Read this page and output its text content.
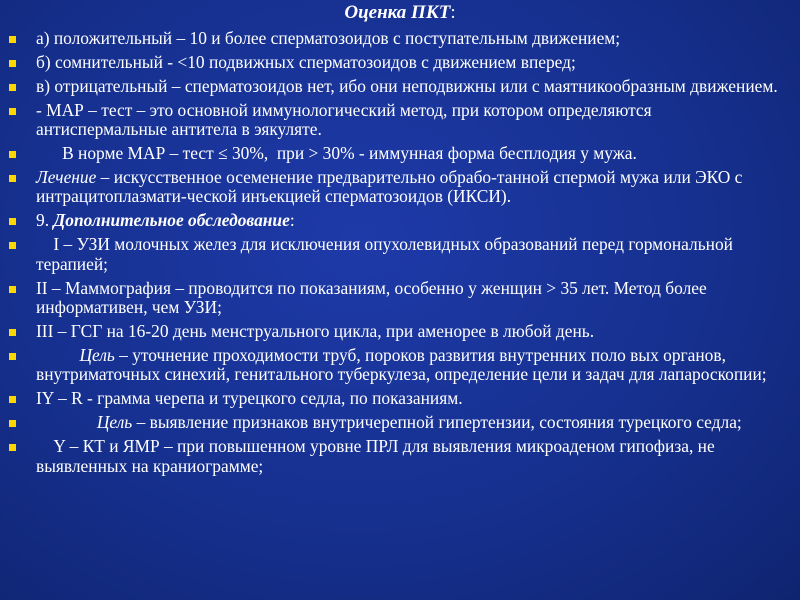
Оценка ПКТ:
а) положительный – 10 и более сперматозоидов с поступательным движением;
б) сомнительный - <10 подвижных сперматозоидов с движением вперед;
в) отрицательный – сперматозоидов нет, ибо они неподвижны или с маятникообразным движением.
- МАР – тест – это основной иммунологический метод, при котором определяются антиспермальные антитела в эякуляте.
В норме МАР – тест ≤ 30%,  при > 30% - иммунная форма бесплодия у мужа.
Лечение – искусственное осеменение предварительно обрабо-танной спермой мужа или ЭКО с интрацитоплазмати-ческой инъекцией сперматозоидов (ИКСИ).
9. Дополнительное обследование:
I – УЗИ молочных желез для исключения опухолевидных образований перед гормональной терапией;
II – Маммография – проводится по показаниям, особенно у женщин > 35 лет. Метод более информативен, чем УЗИ;
III – ГСГ на 16-20 день менструального цикла, при аменорее в любой день.
Цель – уточнение проходимости труб, пороков развития внутренних поло вых органов, внутриматочных синехий, генитального туберкулеза, определение цели и задач для лапароскопии;
IY – R - грамма черепа и турецкого седла, по показаниям.
Цель – выявление признаков внутричерепной гипертензии, состояния турецкого седла;
Y – КТ и ЯМР – при повышенном уровне ПРЛ для выявления микроаденом гипофиза, не выявленных на краниограмме;
